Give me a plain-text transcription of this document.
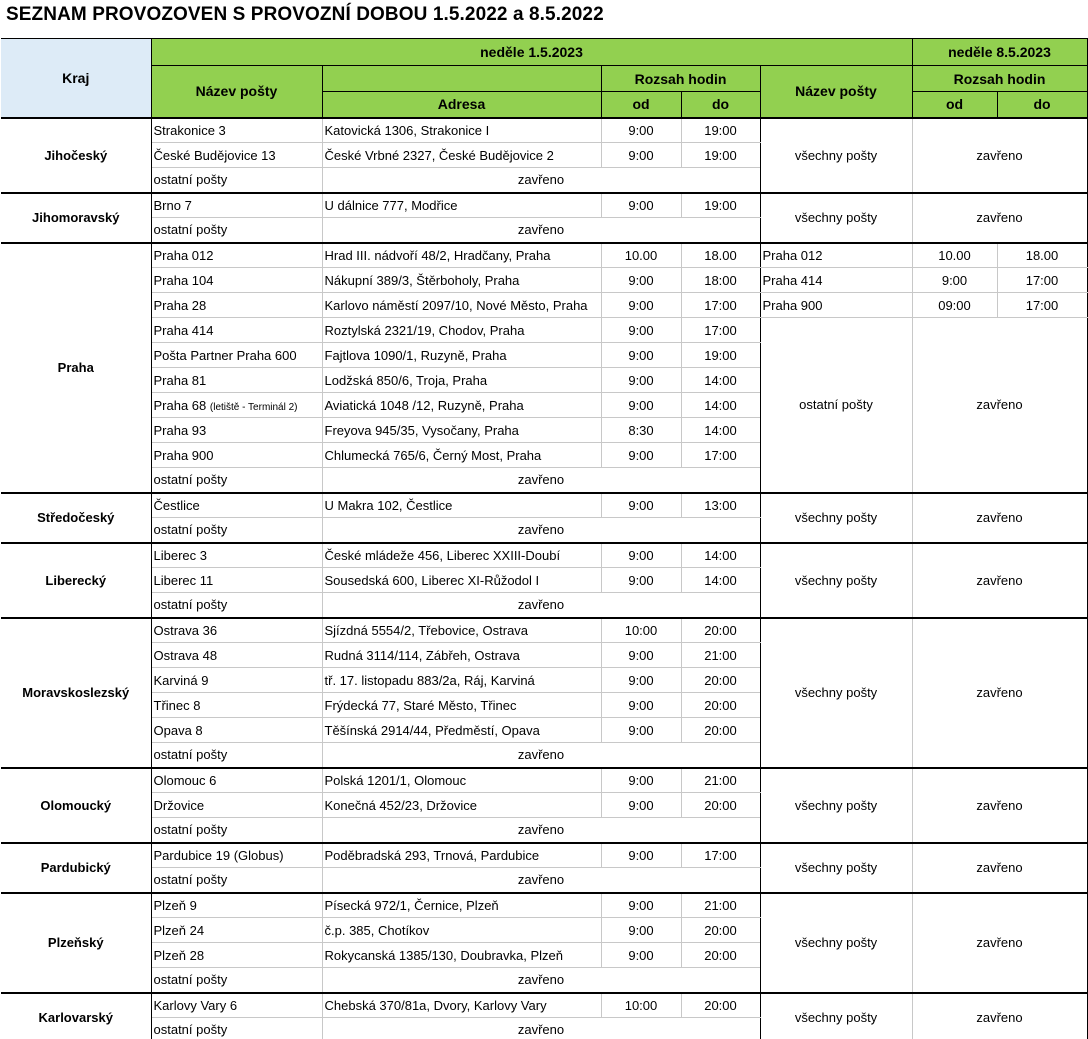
SEZNAM PROVOZOVEN S PROVOZNÍ DOBOU 1.5.2022 a 8.5.2022
Kraj	neděle 1.5.2023					neděle 8.5.2023	
	Název pošty		Rozsah hodin		Název pošty	Rozsah hodin	
		Adresa	od	do		od	do
Jihočeský	Strakonice 3	Katovická 1306, Strakonice I	9:00	19:00	všechny pošty	zavřeno	
	České Budějovice 13	České Vrbné 2327, České Budějovice 2	9:00	19:00			
	ostatní pošty	zavřeno					
Jihomoravský	Brno 7	U dálnice 777, Modřice	9:00	19:00	všechny pošty	zavřeno	
	ostatní pošty	zavřeno					
Praha	Praha 012	Hrad III. nádvoří 48/2, Hradčany, Praha	10.00	18.00	Praha 012	10.00	18.00
	Praha 104	Nákupní 389/3, Štěrboholy, Praha	9:00	18:00	Praha 414	9:00	17:00
	Praha 28	Karlovo náměstí 2097/10, Nové Město, Praha	9:00	17:00	Praha 900	09:00	17:00
	Praha 414	Roztylská 2321/19, Chodov, Praha	9:00	17:00	ostatní pošty	zavřeno	
	Pošta Partner Praha 600	Fajtlova 1090/1, Ruzyně, Praha	9:00	19:00			
	Praha 81	Lodžská 850/6, Troja, Praha	9:00	14:00			
	Praha 68 (letiště - Terminál 2)	Aviatická 1048 /12, Ruzyně, Praha	9:00	14:00			
	Praha 93	Freyova 945/35, Vysočany, Praha	8:30	14:00			
	Praha 900	Chlumecká 765/6, Černý Most, Praha	9:00	17:00			
	ostatní pošty	zavřeno					
Středočeský	Čestlice	U Makra 102, Čestlice	9:00	13:00	všechny pošty	zavřeno	
	ostatní pošty	zavřeno					
Liberecký	Liberec 3	České mládeže 456, Liberec XXIII-Doubí	9:00	14:00	všechny pošty	zavřeno	
	Liberec 11	Sousedská 600, Liberec XI-Růžodol I	9:00	14:00			
	ostatní pošty	zavřeno					
Moravskoslezský	Ostrava 36	Sjízdná 5554/2, Třebovice, Ostrava	10:00	20:00	všechny pošty	zavřeno	
	Ostrava 48	Rudná 3114/114, Zábřeh, Ostrava	9:00	21:00			
	Karviná 9	tř. 17. listopadu 883/2a, Ráj, Karviná	9:00	20:00			
	Třinec 8	Frýdecká 77, Staré Město, Třinec	9:00	20:00			
	Opava 8	Těšínská 2914/44, Předměstí, Opava	9:00	20:00			
	ostatní pošty	zavřeno					
Olomoucký	Olomouc 6	Polská 1201/1, Olomouc	9:00	21:00	všechny pošty	zavřeno	
	Držovice	Konečná 452/23, Držovice	9:00	20:00			
	ostatní pošty	zavřeno					
Pardubický	Pardubice 19 (Globus)	Poděbradská 293, Trnová, Pardubice	9:00	17:00	všechny pošty	zavřeno	
	ostatní pošty	zavřeno					
Plzeňský	Plzeň 9	Písecká 972/1, Černice, Plzeň	9:00	21:00	všechny pošty	zavřeno	
	Plzeň 24	č.p. 385, Chotíkov	9:00	20:00			
	Plzeň 28	Rokycanská 1385/130, Doubravka, Plzeň	9:00	20:00			
	ostatní pošty	zavřeno					
Karlovarský	Karlovy Vary 6	Chebská 370/81a, Dvory, Karlovy Vary	10:00	20:00	všechny pošty	zavřeno	
	ostatní pošty	zavřeno					
